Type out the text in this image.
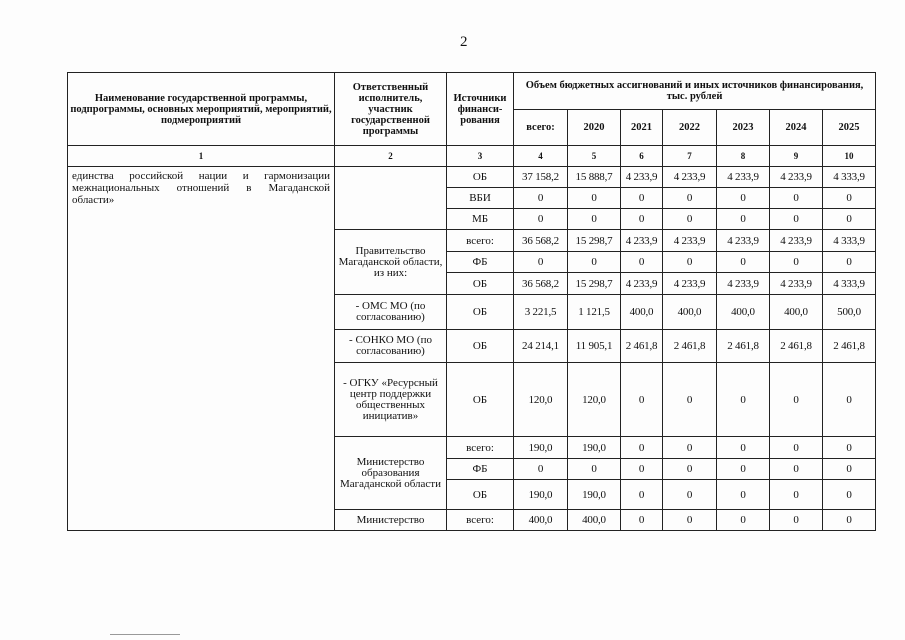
2
Наименование государственной программы, подпрограммы, основных мероприятий, мероприятий, подмероприятий	Ответственный исполнитель, участник государственной программы	Источники финанси-рования	Объем бюджетных ассигнований и иных источников финансирования, тыс. рублей						
			всего:	2020	2021	2022	2023	2024	2025
1	2	3	4	5	6	7	8	9	10
единства российской нации и гармонизации межнациональных отношений в Магаданской области»		ОБ	37 158,2	15 888,7	4 233,9	4 233,9	4 233,9	4 233,9	4 333,9
		ВБИ	0	0	0	0	0	0	0
		МБ	0	0	0	0	0	0	0
	Правительство Магаданской области, из них:	всего:	36 568,2	15 298,7	4 233,9	4 233,9	4 233,9	4 233,9	4 333,9
		ФБ	0	0	0	0	0	0	0
		ОБ	36 568,2	15 298,7	4 233,9	4 233,9	4 233,9	4 233,9	4 333,9
	- ОМС МО (по согласованию)	ОБ	3 221,5	1 121,5	400,0	400,0	400,0	400,0	500,0
	- СОНКО МО (по согласованию)	ОБ	24 214,1	11 905,1	2 461,8	2 461,8	2 461,8	2 461,8	2 461,8
	- ОГКУ «Ресурсный центр поддержки общественных инициатив»	ОБ	120,0	120,0	0	0	0	0	0
	Министерство образования Магаданской области	всего:	190,0	190,0	0	0	0	0	0
		ФБ	0	0	0	0	0	0	0
		ОБ	190,0	190,0	0	0	0	0	0
	Министерство	всего:	400,0	400,0	0	0	0	0	0
